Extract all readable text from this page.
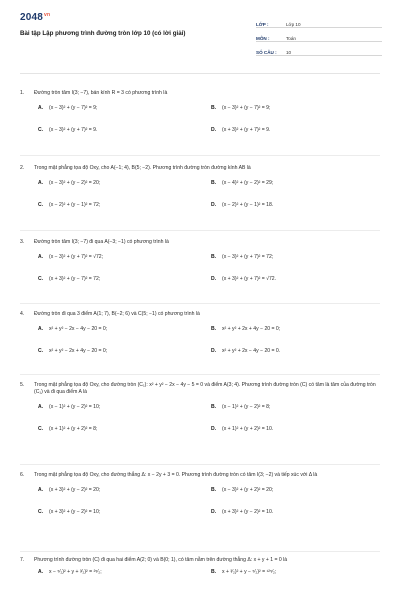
$2048^{vn}$
Bài tập Lập phương trình đường tròn lớp 10 (có lời giải)
LỚP :	Lớp 10
MÔN :	Toán
SỐ CÂU :	10
1.	Đường tròn tâm I(3; −7), bán kính R = 3 có phương trình là
A.	(x − 3)² + (y − 7)² = 9;	B.	(x − 3)² + (y − 7)² = 9;
C.	(x − 3)² + (y + 7)² = 9.	D.	(x + 3)² + (y + 7)² = 9.
2.	Trong mặt phẳng tọa độ Oxy, cho A(−1; 4), B(5; −2). Phương trình đường tròn đường kính AB là
A.	(x − 3)² + (y − 2)² = 20;	B.	(x − 4)² + (y − 2)² = 29;
C.	(x − 2)² + (y − 1)² = 72;	D.	(x − 2)² + (y − 1)² = 18.
3.	Đường tròn tâm I(3; −7) đi qua A(−3; −1) có phương trình là
A.	(x − 3)² + (y + 7)² = √72;	B.	(x − 3)² + (y + 7)² = 72;
C.	(x + 3)² + (y − 7)² = 72;	D.	(x + 3)² + (y + 7)² = √72.
4.	Đường tròn đi qua 3 điểm A(1; 7), B(−2; 6) và C(5; −1) có phương trình là
A.	x² + y² − 2x − 4y − 20 = 0;	B.	x² + y² + 2x + 4y − 20 = 0;
C.	x² + y² − 2x + 4y − 20 = 0;	D.	x² + y² + 2x − 4y − 20 = 0.
5.	Trong mặt phẳng tọa độ Oxy, cho đường tròn (C₁): x² + y² − 2x − 4y − 5 = 0 và điểm A(3; 4). Phương trình đường tròn (C) có tâm là tâm của đường tròn (C₁) và đi qua điểm A là
A.	(x − 1)² + (y − 2)² = 10;	B.	(x − 1)² + (y − 2)² = 8;
C.	(x + 1)² + (y + 2)² = 8;	D.	(x + 1)² + (y + 2)² = 10.
6.	Trong mặt phẳng tọa độ Oxy, cho đường thẳng Δ: x − 2y + 3 = 0. Phương trình đường tròn có tâm I(3; −2) và tiếp xúc với Δ là
A.	(x + 3)² + (y − 2)² = 20;	B.	(x − 3)² + (y + 2)² = 20;
C.	(x + 3)² + (y − 2)² = 10;	D.	(x + 3)² + (y − 2)² = 10.
7.	Phương trình đường tròn (C) đi qua hai điểm A(2; 0) và B(0; 1), có tâm nằm trên đường thẳng Δ: x + y + 1 = 0 là
A.	x − ⁵⁄₂)² + y + ³⁄₂)² = ²⁵⁄₂;	B.	x + ³⁄₂)² + y − ⁵⁄₂)² = ¹²⁵⁄₂;
